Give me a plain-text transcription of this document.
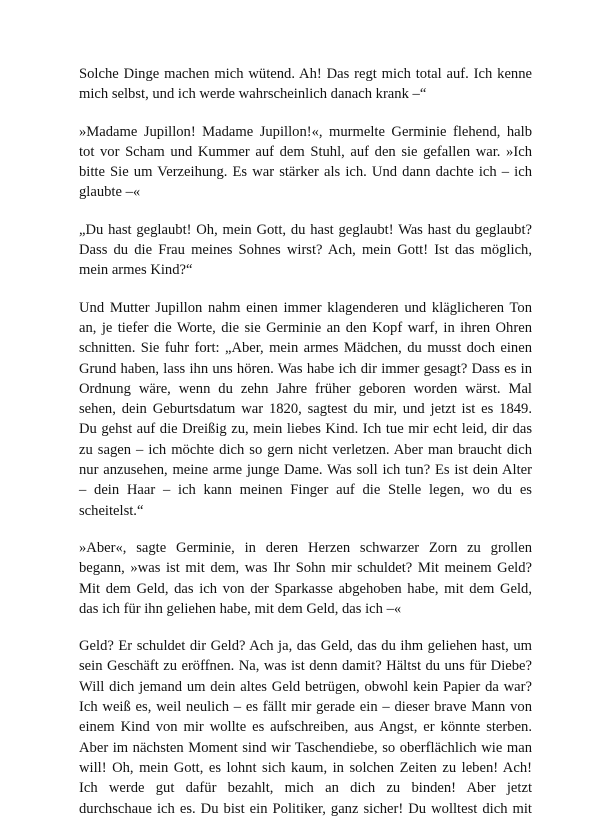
Solche Dinge machen mich wütend. Ah! Das regt mich total auf. Ich kenne
mich selbst, und ich werde wahrscheinlich danach krank –“
»Madame Jupillon! Madame Jupillon!«, murmelte Germinie flehend, halb
tot vor Scham und Kummer auf dem Stuhl, auf den sie gefallen war. »Ich
bitte Sie um Verzeihung. Es war stärker als ich. Und dann dachte ich – ich
glaubte –«
„Du hast geglaubt! Oh, mein Gott, du hast geglaubt! Was hast du geglaubt?
Dass du die Frau meines Sohnes wirst? Ach, mein Gott! Ist das möglich,
mein armes Kind?“
Und Mutter Jupillon nahm einen immer klagenderen und kläglicheren Ton
an, je tiefer die Worte, die sie Germinie an den Kopf warf, in ihren Ohren
schnitten. Sie fuhr fort: „Aber, mein armes Mädchen, du musst doch einen
Grund haben, lass ihn uns hören. Was habe ich dir immer gesagt? Dass es in
Ordnung wäre, wenn du zehn Jahre früher geboren worden wärst. Mal
sehen, dein Geburtsdatum war 1820, sagtest du mir, und jetzt ist es 1849.
Du gehst auf die Dreißig zu, mein liebes Kind. Ich tue mir echt leid, dir das
zu sagen – ich möchte dich so gern nicht verletzen. Aber man braucht dich
nur anzusehen, meine arme junge Dame. Was soll ich tun? Es ist dein Alter
– dein Haar – ich kann meinen Finger auf die Stelle legen, wo du es
scheitelst.“
»Aber«, sagte Germinie, in deren Herzen schwarzer Zorn zu grollen
begann, »was ist mit dem, was Ihr Sohn mir schuldet? Mit meinem Geld?
Mit dem Geld, das ich von der Sparkasse abgehoben habe, mit dem Geld,
das ich für ihn geliehen habe, mit dem Geld, das ich –«
Geld? Er schuldet dir Geld? Ach ja, das Geld, das du ihm geliehen hast, um
sein Geschäft zu eröffnen. Na, was ist denn damit? Hältst du uns für Diebe?
Will dich jemand um dein altes Geld betrügen, obwohl kein Papier da war?
Ich weiß es, weil neulich – es fällt mir gerade ein – dieser brave Mann von
einem Kind von mir wollte es aufschreiben, aus Angst, er könnte sterben.
Aber im nächsten Moment sind wir Taschendiebe, so oberflächlich wie man
will! Oh, mein Gott, es lohnt sich kaum, in solchen Zeiten zu leben! Ach!
Ich werde gut dafür bezahlt, mich an dich zu binden! Aber jetzt
durchschaue ich es. Du bist ein Politiker, ganz sicher! Du wolltest dich mit
